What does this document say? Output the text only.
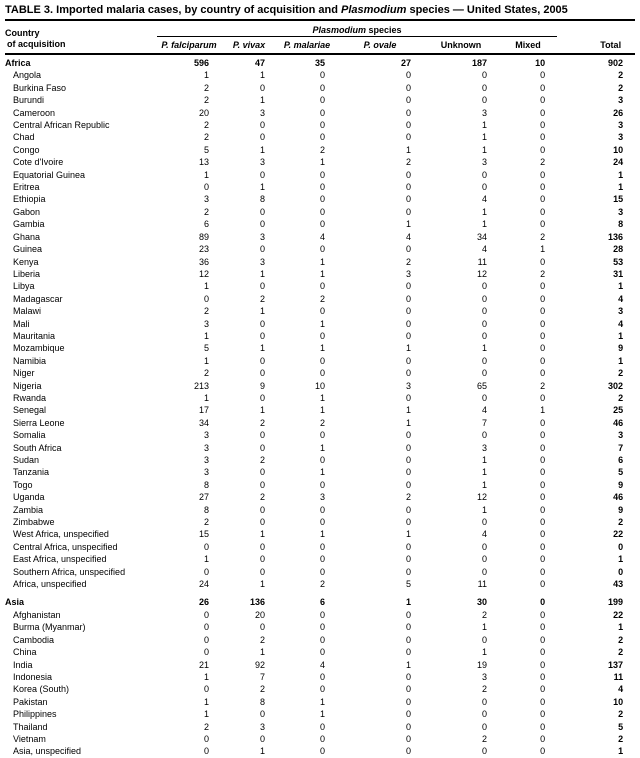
TABLE 3. Imported malaria cases, by country of acquisition and Plasmodium species — United States, 2005
Country
of acquisition	Plasmodium species						Total
	P. falciparum	P. vivax	P. malariae	P. ovale	Unknown	Mixed	
Africa	596	47	35	27	187	10	902
Angola	1	1	0	0	0	0	2
Burkina Faso	2	0	0	0	0	0	2
Burundi	2	1	0	0	0	0	3
Cameroon	20	3	0	0	3	0	26
Central African Republic	2	0	0	0	1	0	3
Chad	2	0	0	0	1	0	3
Congo	5	1	2	1	1	0	10
Cote d'Ivoire	13	3	1	2	3	2	24
Equatorial Guinea	1	0	0	0	0	0	1
Eritrea	0	1	0	0	0	0	1
Ethiopia	3	8	0	0	4	0	15
Gabon	2	0	0	0	1	0	3
Gambia	6	0	0	1	1	0	8
Ghana	89	3	4	4	34	2	136
Guinea	23	0	0	0	4	1	28
Kenya	36	3	1	2	11	0	53
Liberia	12	1	1	3	12	2	31
Libya	1	0	0	0	0	0	1
Madagascar	0	2	2	0	0	0	4
Malawi	2	1	0	0	0	0	3
Mali	3	0	1	0	0	0	4
Mauritania	1	0	0	0	0	0	1
Mozambique	5	1	1	1	1	0	9
Namibia	1	0	0	0	0	0	1
Niger	2	0	0	0	0	0	2
Nigeria	213	9	10	3	65	2	302
Rwanda	1	0	1	0	0	0	2
Senegal	17	1	1	1	4	1	25
Sierra Leone	34	2	2	1	7	0	46
Somalia	3	0	0	0	0	0	3
South Africa	3	0	1	0	3	0	7
Sudan	3	2	0	0	1	0	6
Tanzania	3	0	1	0	1	0	5
Togo	8	0	0	0	1	0	9
Uganda	27	2	3	2	12	0	46
Zambia	8	0	0	0	1	0	9
Zimbabwe	2	0	0	0	0	0	2
West Africa, unspecified	15	1	1	1	4	0	22
Central Africa, unspecified	0	0	0	0	0	0	0
East Africa, unspecified	1	0	0	0	0	0	1
Southern Africa, unspecified	0	0	0	0	0	0	0
Africa, unspecified	24	1	2	5	11	0	43
Asia	26	136	6	1	30	0	199
Afghanistan	0	20	0	0	2	0	22
Burma (Myanmar)	0	0	0	0	1	0	1
Cambodia	0	2	0	0	0	0	2
China	0	1	0	0	1	0	2
India	21	92	4	1	19	0	137
Indonesia	1	7	0	0	3	0	11
Korea (South)	0	2	0	0	2	0	4
Pakistan	1	8	1	0	0	0	10
Philippines	1	0	1	0	0	0	2
Thailand	2	3	0	0	0	0	5
Vietnam	0	0	0	0	2	0	2
Asia, unspecified	0	1	0	0	0	0	1
